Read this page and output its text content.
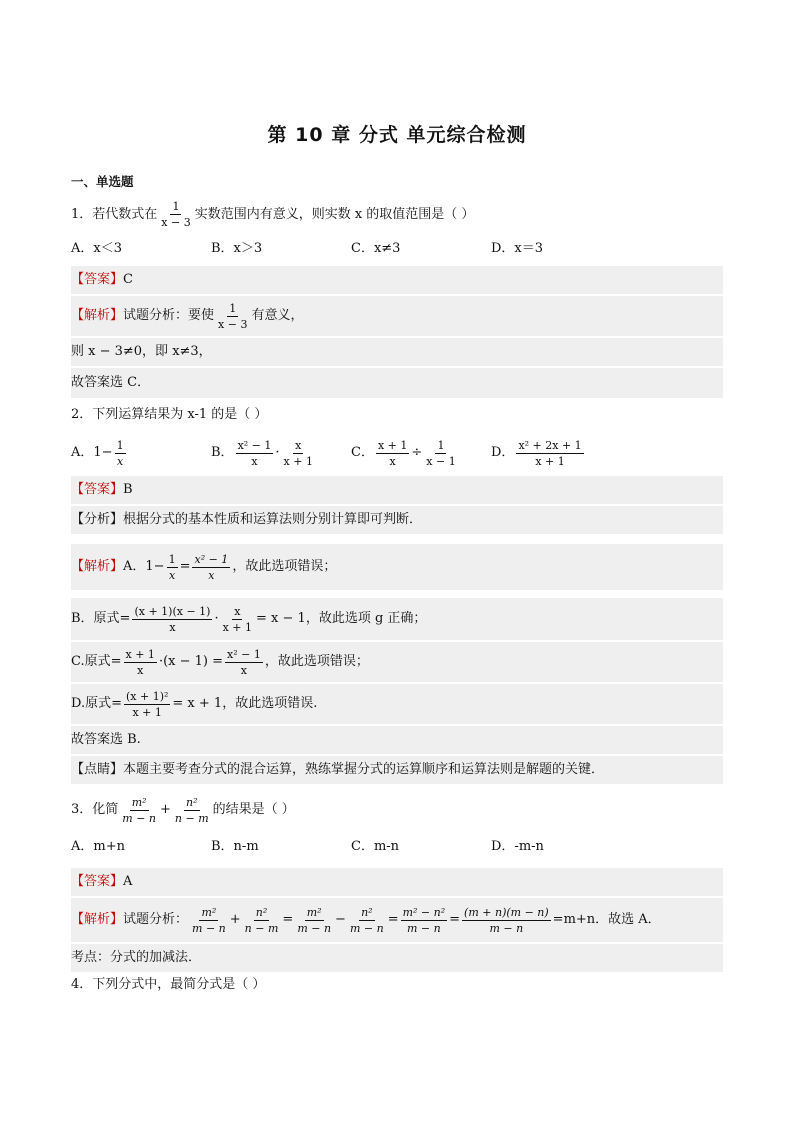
第 10 章 分式 单元综合检测
一、单选题
1．若代数式在 $\frac{1}{x - 3}$ 实数范围内有意义，则实数 x 的取值范围是（ ）
A．x＜3	B．x＞3	C．x≠3	D．x＝3
【答案】 C
【解析】 试题分析：要使 $\frac{1}{x - 3}$ 有意义，
则 x − 3≠0，即 x≠3，
故答案选 C．
2．下列运算结果为 x-1 的是（ ）
A． $1- \frac{1}{x}$	B． $\frac{\text{x² − 1}}{x} \cdot \frac{x}{x + 1}$	C． $\frac{x + 1}{x} \div \frac{1}{x - 1}$	D． $\frac{\text{x² + 2x + 1}}{x + 1}$
【答案】 B
【分析】 根据分式的基本性质和运算法则分别计算即可判断．
【解析】 A．$1- \frac{1}{x} = \frac{\text{x² − 1}}{x}$ ，故此选项错误；
B．原式= $\frac{(x + 1)(x - 1)}{x} \cdot \frac{x}{x + 1} = x - 1$ ，故此选项 g 正确；
C.原式= $\frac{x + 1}{x} \cdot(x - 1) = \frac{\text{x² − 1}}{x}$ ，故此选项错误；
D.原式= $\frac{\text{(x + 1)²}}{x + 1} = x + 1$ ，故此选项错误.
故答案选 B.
【点睛】 本题主要考查分式的混合运算，熟练掌握分式的运算顺序和运算法则是解题的关键．
3．化简 $\frac{\text{m²}}{m - n} + \frac{\text{n²}}{n - m}$ 的结果是（ ）
A．m+n	B．n-m	C．m-n	D．-m-n
【答案】 A
【解析】 试题分析： $\frac{\text{m²}}{m - n} + \frac{\text{n²}}{n - m} = \frac{\text{m²}}{m - n} - \frac{\text{n²}}{m - n} = \frac{\text{m² − n²}}{m - n} = \frac{(m + n)(m - n)}{m - n} =m+n$．故选 A．
考点：分式的加减法．
4．下列分式中，最简分式是（ ）
